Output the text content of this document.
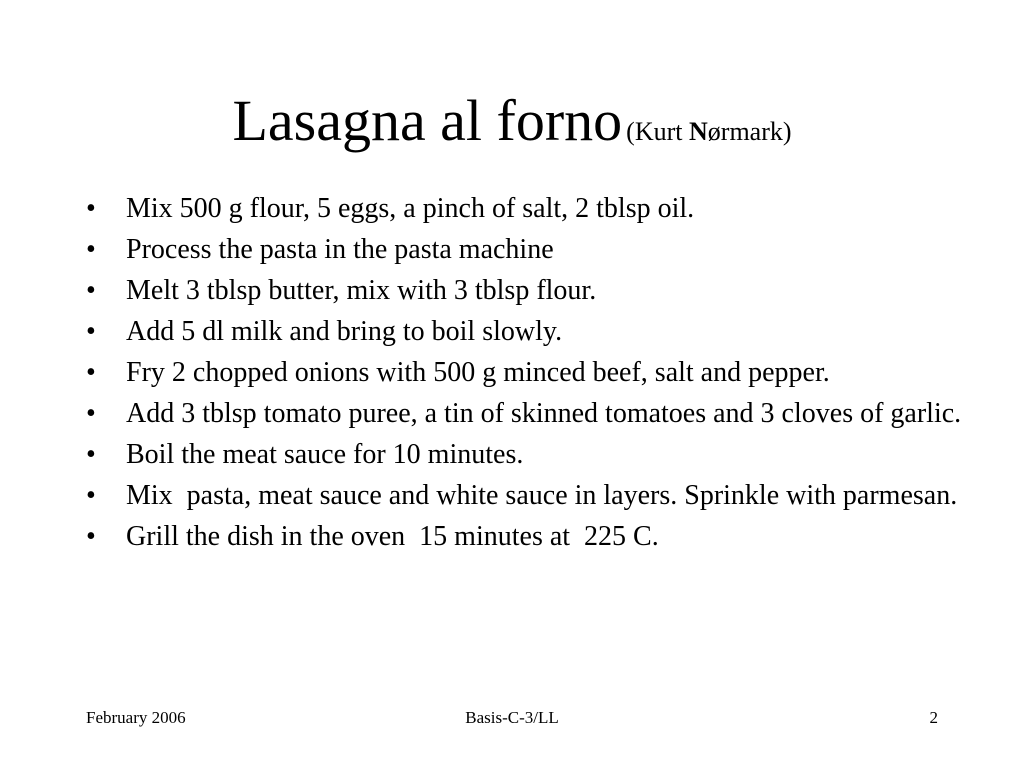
Lasagna al forno (Kurt Nørmark)
• Mix 500 g flour, 5 eggs, a pinch of salt, 2 tblsp oil.
• Process the pasta in the pasta machine
• Melt 3 tblsp butter, mix with 3 tblsp flour.
• Add 5 dl milk and bring to boil slowly.
• Fry 2 chopped onions with 500 g minced beef, salt and pepper.
• Add 3 tblsp tomato puree, a tin of skinned tomatoes and 3 cloves of garlic.
• Boil the meat sauce for 10 minutes.
• Mix  pasta, meat sauce and white sauce in layers. Sprinkle with parmesan.
• Grill the dish in the oven  15 minutes at  225 C.
February 2006	Basis-C-3/LL	2
